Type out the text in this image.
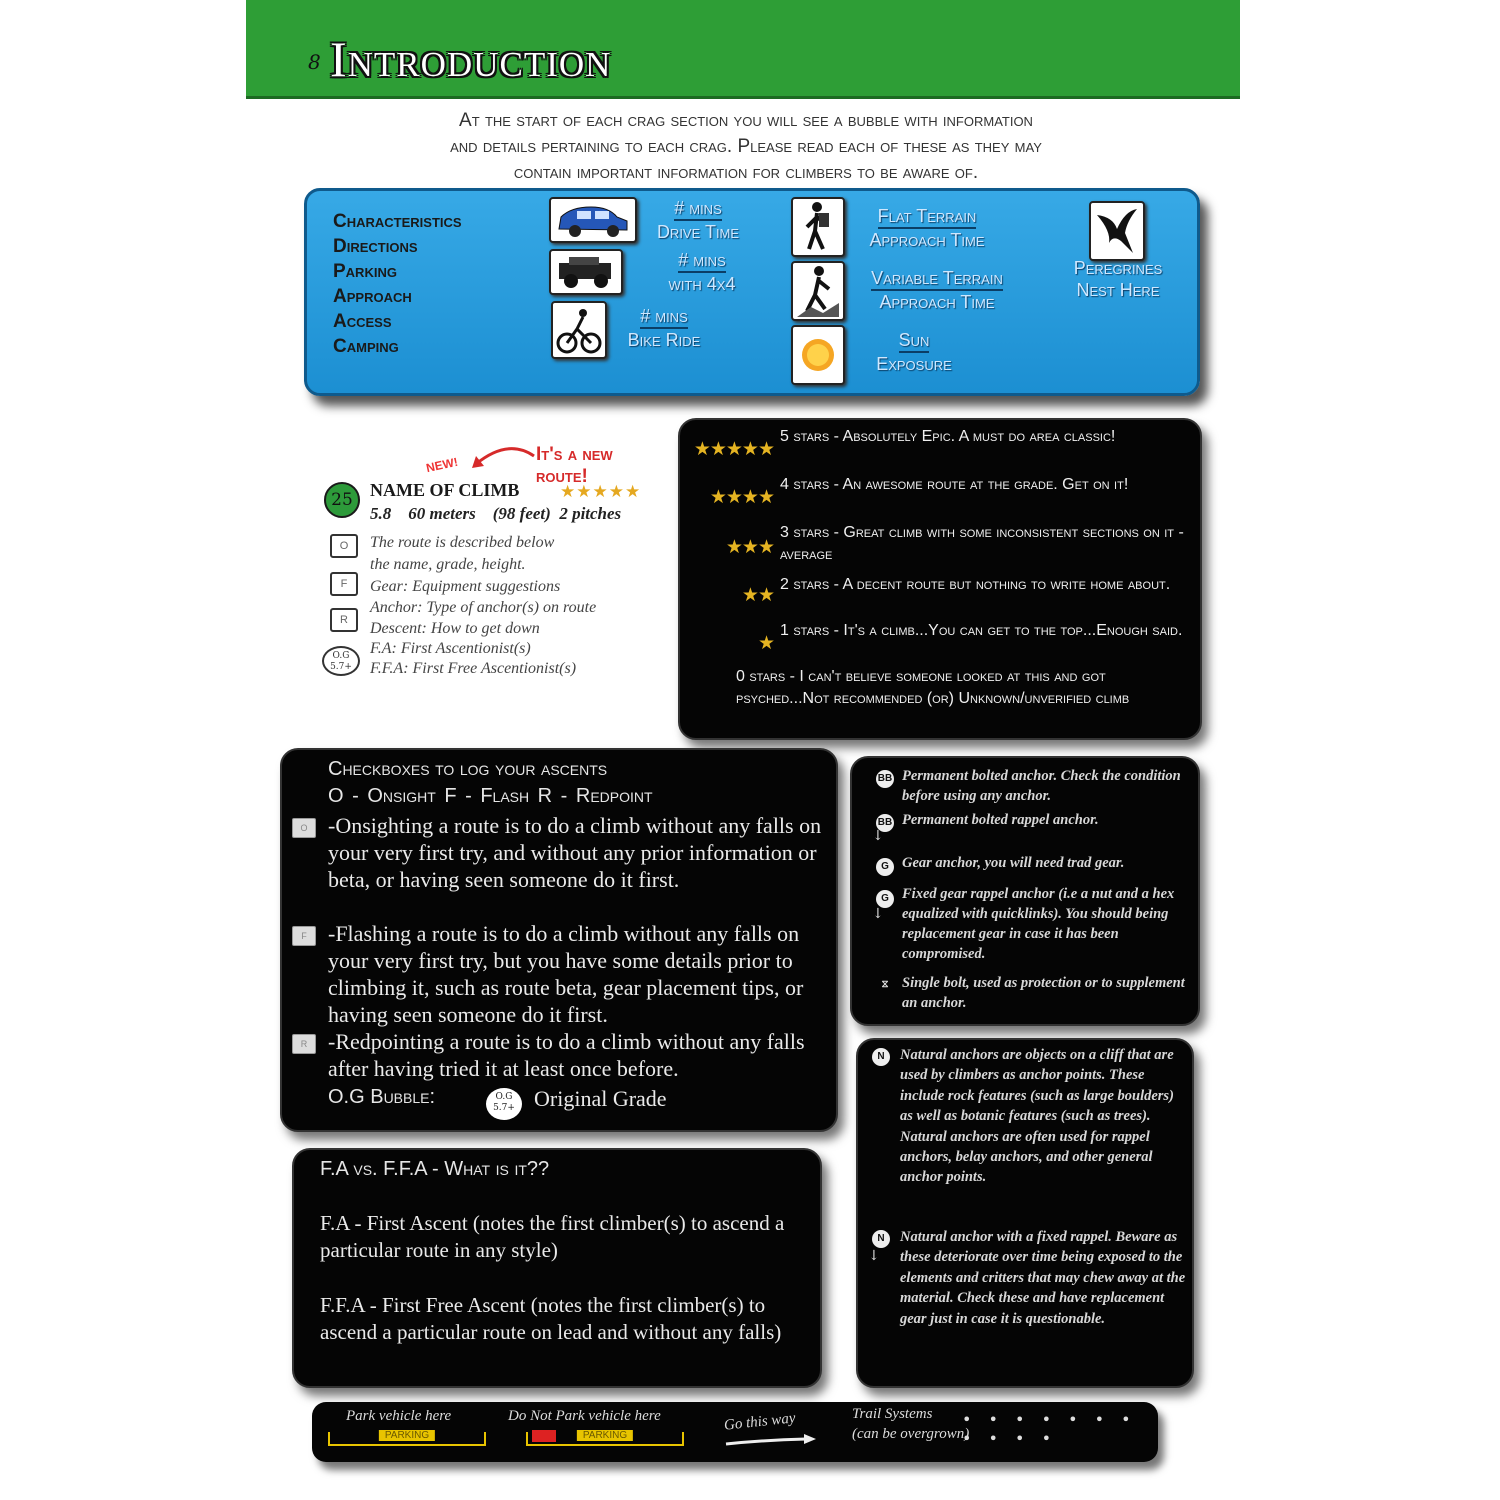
8 Introduction
At the start of each crag section you will see a bubble with information
and details pertaining to each crag. Please read each of these as they may
contain important information for climbers to be aware of.
Characteristics
Directions
Parking
Approach
Access
Camping
# mins
Drive Time
# mins
with 4x4
# mins
Bike Ride
Flat Terrain
Approach Time
Variable Terrain
Approach Time
Sun
Exposure
Peregrines
Nest Here
NEW!	It's a new route!
25 NAME OF CLIMB ★★★★★
5.8    60 meters    (98 feet)  2 pitches
O
F
R
O.G
5.7+
The route is described below
the name, grade, height.
Gear: Equipment suggestions
Anchor: Type of anchor(s) on route
Descent: How to get down
F.A: First Ascentionist(s)
F.F.A: First Free Ascentionist(s)
★★★★★
5 stars - Absolutely Epic. A must do area classic!
★★★★
4 stars - An awesome route at the grade. Get on it!
★★★
3 stars - Great climb with some inconsistent sections on it - average
★★ 2 stars - A decent route but nothing to write home about.
★
1 stars - It's a climb...You can get to the top...Enough said.
0 stars - I can't believe someone looked at this and got psyched...Not recommended (or) Unknown/unverified climb
Checkboxes to log your ascents
O - Onsight F - Flash R - Redpoint
O -Onsighting a route is to do a climb without any falls on your very first try, and without any prior information or beta, or having seen someone do it first.
F -Flashing a route is to do a climb without any falls on your very first try, but you have some details prior to climbing it, such as route beta, gear placement tips, or having seen someone do it first.
R -Redpointing a route is to do a climb without any falls after having tried it at least once before.
O.G Bubble:	O.G
5.7+ Original Grade
F.A vs. F.F.A - What is it??
F.A - First Ascent (notes the first climber(s) to ascend a particular route in any style)
F.F.A - First Free Ascent (notes the first climber(s) to ascend a particular route on lead and without any falls)
BB Permanent bolted anchor. Check the condition before using any anchor.
BB
↓
Permanent bolted rappel anchor.
G Gear anchor, you will need trad gear.
G
↓
Fixed gear rappel anchor (i.e a nut and a hex equalized with quicklinks). You should being replacement gear in case it has been compromised.
⧖ Single bolt, used as protection or to supplement an anchor.
N	Natural anchors are objects on a cliff that are used by climbers as anchor points. These include rock features (such as large boulders) as well as botanic features (such as trees). Natural anchors are often used for rappel anchors, belay anchors, and other general anchor points.
N
↓
Natural anchor with a fixed rappel. Beware as these deteriorate over time being exposed to the elements and critters that may chew away at the material. Check these and have replacement gear just in case it is questionable.
Park vehicle here
PARKING
Do Not Park vehicle here
PARKING
Go this way	Trail Systems
(can be overgrown)
• • • • • • • • • • •
